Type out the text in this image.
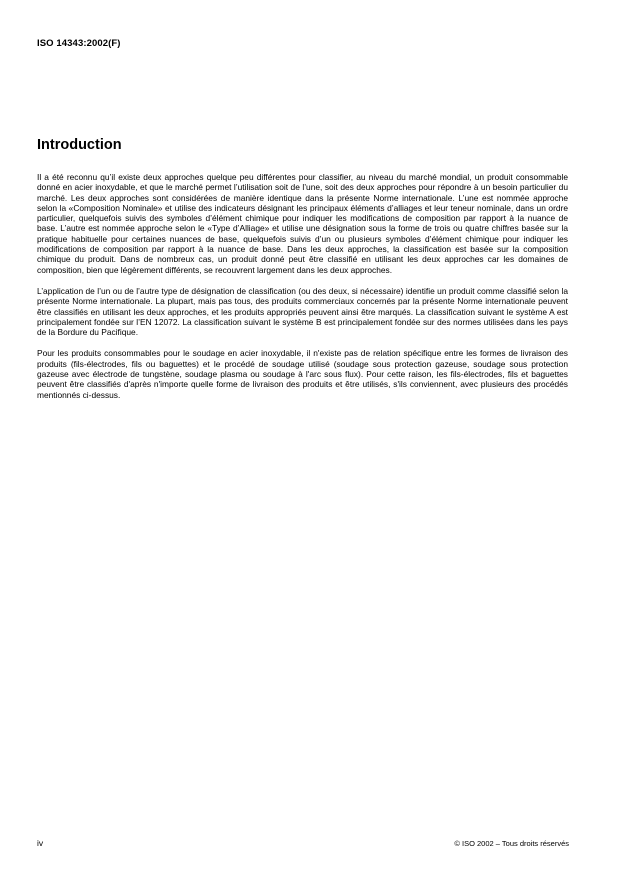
ISO 14343:2002(F)
Introduction

Il a été reconnu qu’il existe deux approches quelque peu différentes pour classifier, au niveau du marché mondial, un produit consommable donné en acier inoxydable, et que le marché permet l’utilisation soit de l’une, soit des deux approches pour répondre à un besoin particulier du marché. Les deux approches sont considérées de manière identique dans la présente Norme internationale. L’une est nommée approche selon la «Composition Nominale» et utilise des indicateurs désignant les principaux éléments d’alliages et leur teneur nominale, dans un ordre particulier, quelquefois suivis des symboles d’élément chimique pour indiquer les modifications de composition par rapport à la nuance de base. L’autre est nommée approche selon le «Type d’Alliage» et utilise une désignation sous la forme de trois ou quatre chiffres basée sur la pratique habituelle pour certaines nuances de base, quelquefois suivis d’un ou plusieurs symboles d’élément chimique pour indiquer les modifications de composition par rapport à la nuance de base. Dans les deux approches, la classification est basée sur la composition chimique du produit. Dans de nombreux cas, un produit donné peut être classifié en utilisant les deux approches car les domaines de composition, bien que légèrement différents, se recouvrent largement dans les deux approches.

L’application de l’un ou de l’autre type de désignation de classification (ou des deux, si nécessaire) identifie un produit comme classifié selon la présente Norme internationale. La plupart, mais pas tous, des produits commerciaux concernés par la présente Norme internationale peuvent être classifiés en utilisant les deux approches, et les produits appropriés peuvent ainsi être marqués. La classification suivant le système A est principalement fondée sur l’EN 12072. La classification suivant le système B est principalement fondée sur des normes utilisées dans les pays de la Bordure du Pacifique.

Pour les produits consommables pour le soudage en acier inoxydable, il n'existe pas de relation spécifique entre les formes de livraison des produits (fils-électrodes, fils ou baguettes) et le procédé de soudage utilisé (soudage sous protection gazeuse, soudage sous protection gazeuse avec électrode de tungstène, soudage plasma ou soudage à l'arc sous flux). Pour cette raison, les fils-électrodes, fils et baguettes peuvent être classifiés d'après n'importe quelle forme de livraison des produits et être utilisés, s'ils conviennent, avec plusieurs des procédés mentionnés ci-dessus.

iv	© ISO 2002 – Tous droits réservés
